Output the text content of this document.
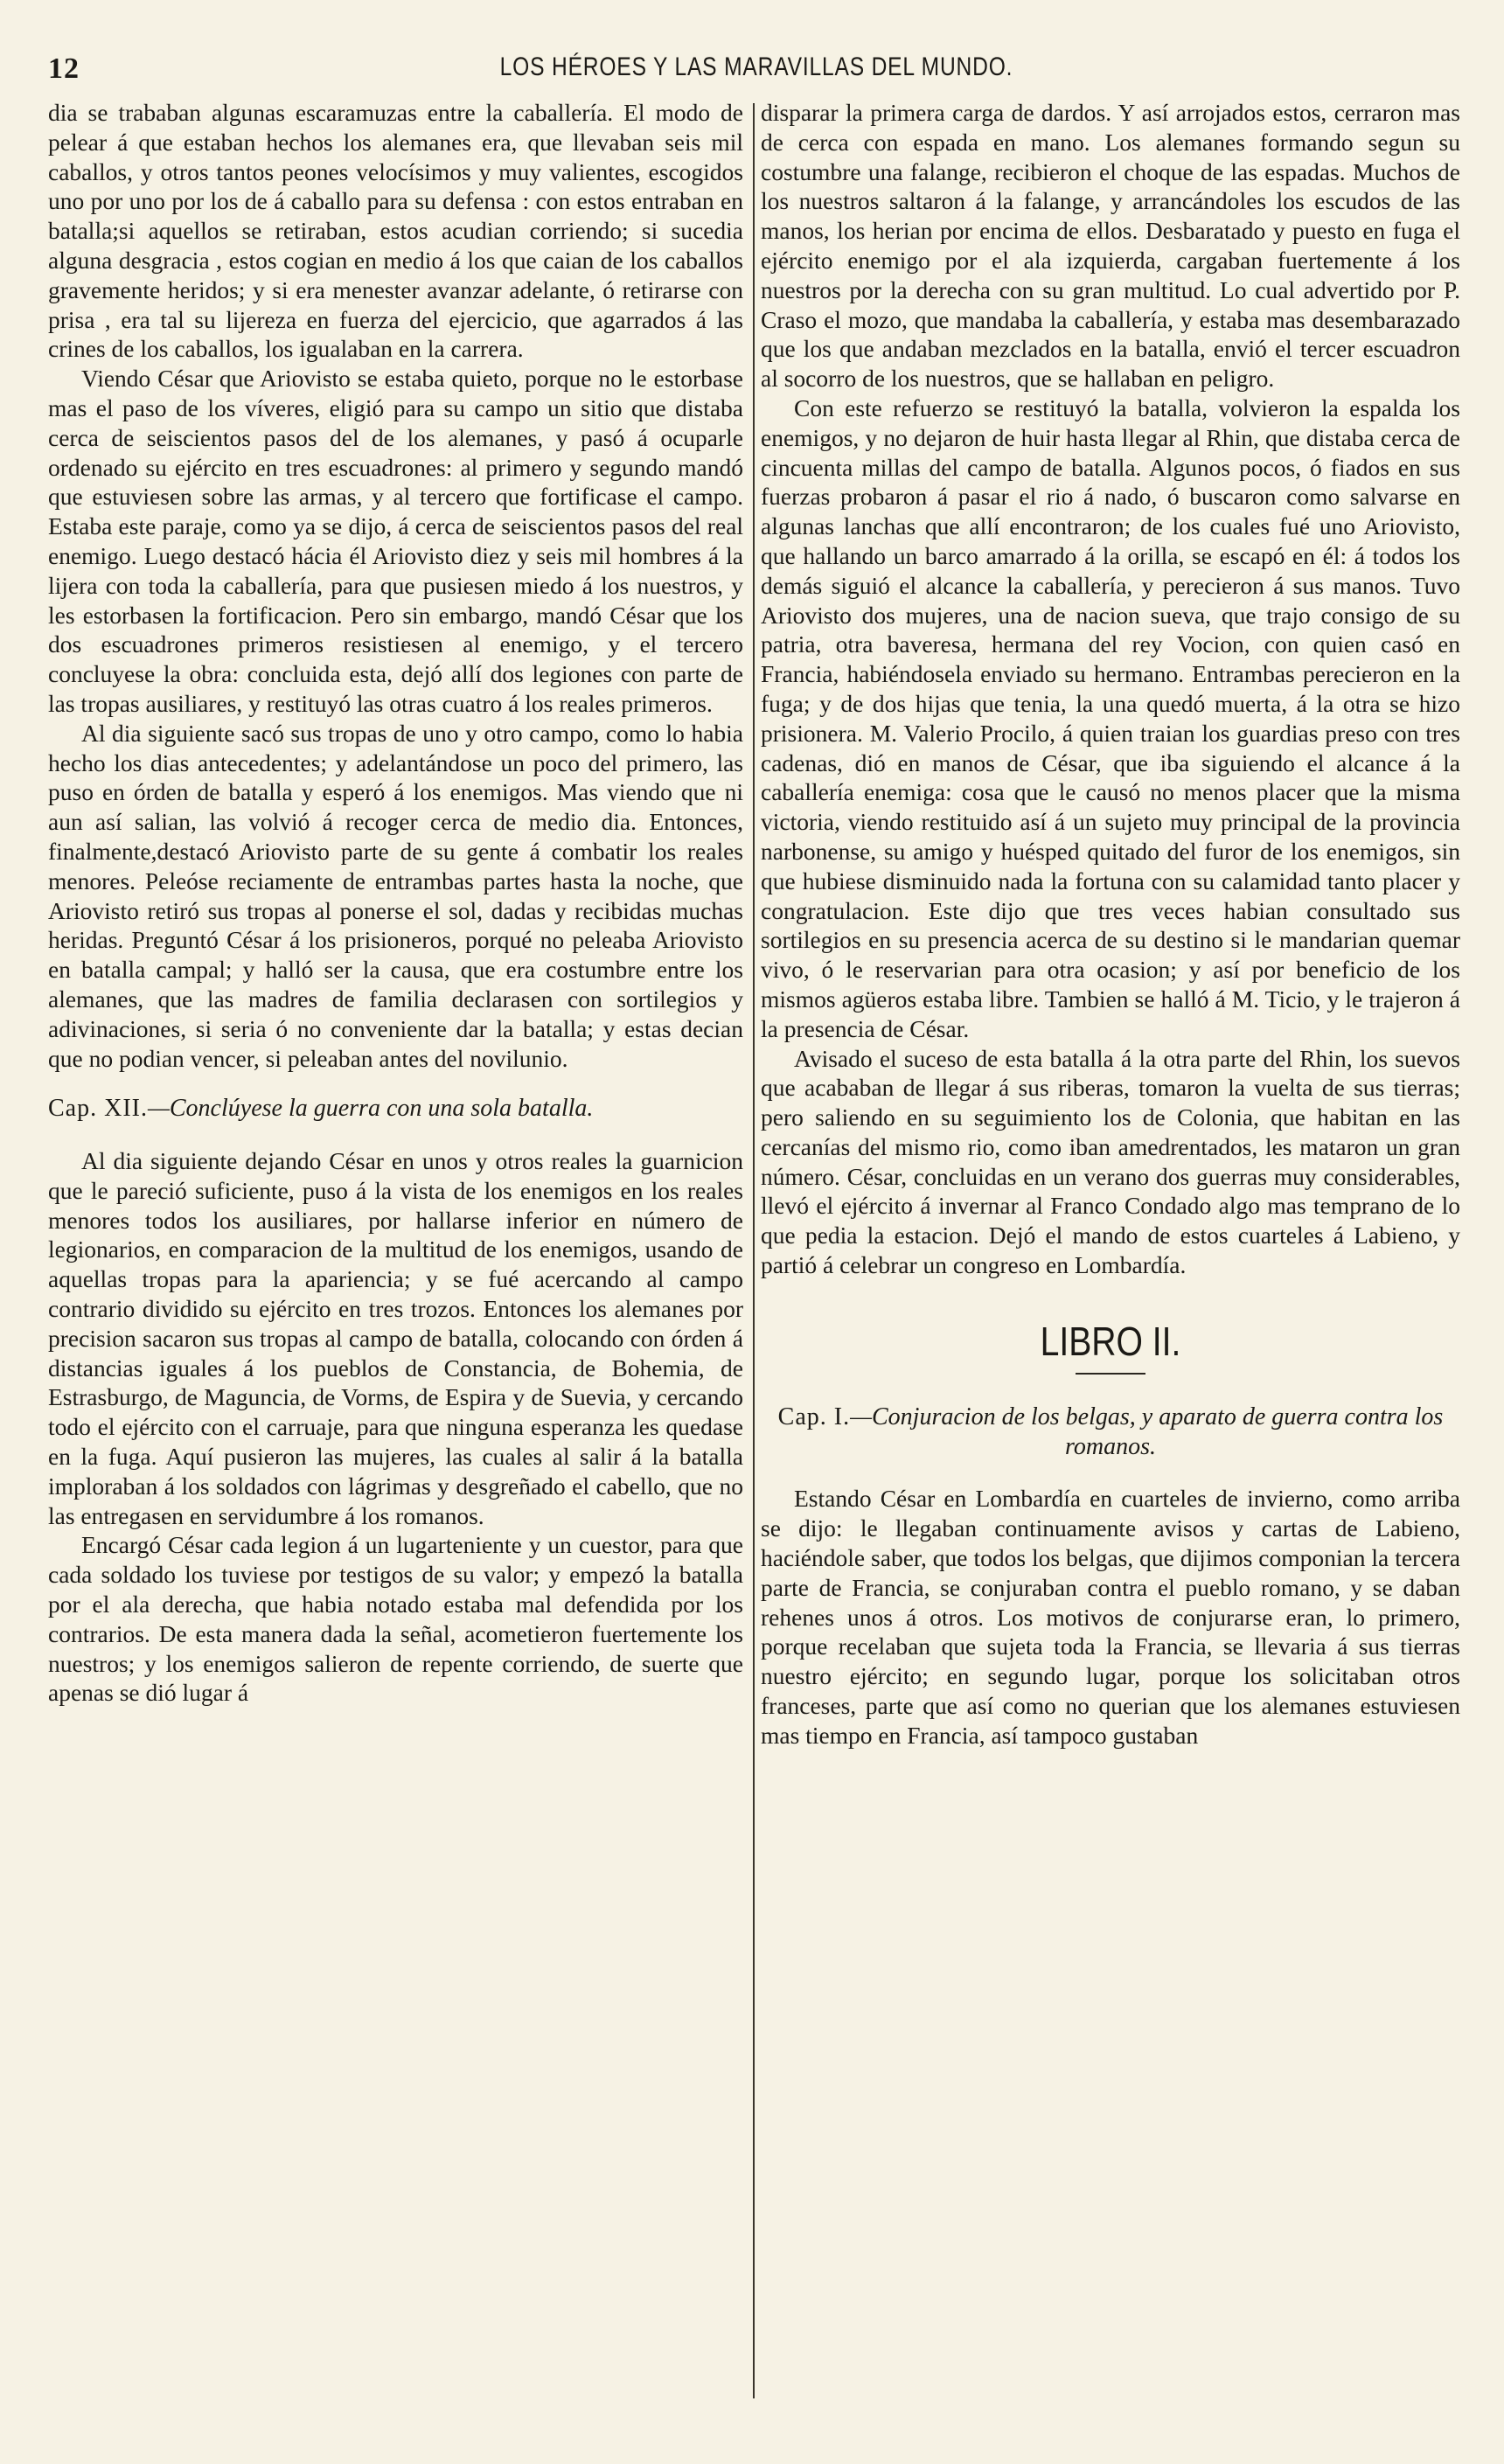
12	LOS HÉROES Y LAS MARAVILLAS DEL MUNDO.

dia se trababan algunas escaramuzas entre la caballería. El modo de pelear á que estaban hechos los alemanes era, que llevaban seis mil caballos, y otros tantos peones velocísimos y muy valientes, escogidos uno por uno por los de á caballo para su defensa : con estos entraban en batalla;si aquellos se retiraban, estos acudian corriendo; si sucedia alguna desgracia , estos cogian en medio á los que caian de los caballos gravemente heridos; y si era menester avanzar adelante, ó retirarse con prisa , era tal su lijereza en fuerza del ejercicio, que agarrados á las crines de los caballos, los igualaban en la carrera.

Viendo César que Ariovisto se estaba quieto, porque no le estorbase mas el paso de los víveres, eligió para su campo un sitio que distaba cerca de seiscientos pasos del de los alemanes, y pasó á ocuparle ordenado su ejército en tres escuadrones: al primero y segundo mandó que estuviesen sobre las armas, y al tercero que fortificase el campo. Estaba este paraje, como ya se dijo, á cerca de seiscientos pasos del real enemigo. Luego destacó hácia él Ariovisto diez y seis mil hombres á la lijera con toda la caballería, para que pusiesen miedo á los nuestros, y les estorbasen la fortificacion. Pero sin embargo, mandó César que los dos escuadrones primeros resistiesen al enemigo, y el tercero concluyese la obra: concluida esta, dejó allí dos legiones con parte de las tropas ausiliares, y restituyó las otras cuatro á los reales primeros.

Al dia siguiente sacó sus tropas de uno y otro campo, como lo habia hecho los dias antecedentes; y adelantándose un poco del primero, las puso en órden de batalla y esperó á los enemigos. Mas viendo que ni aun así salian, las volvió á recoger cerca de medio dia. Entonces, finalmente,destacó Ariovisto parte de su gente á combatir los reales menores. Peleóse reciamente de entrambas partes hasta la noche, que Ariovisto retiró sus tropas al ponerse el sol, dadas y recibidas muchas heridas. Preguntó César á los prisioneros, porqué no peleaba Ariovisto en batalla campal; y halló ser la causa, que era costumbre entre los alemanes, que las madres de familia declarasen con sortilegios y adivinaciones, si seria ó no conveniente dar la batalla; y estas decian que no podian vencer, si peleaban antes del novilunio.

Cap. XII.—Conclúyese la guerra con una sola batalla.

Al dia siguiente dejando César en unos y otros reales la guarnicion que le pareció suficiente, puso á la vista de los enemigos en los reales menores todos los ausiliares, por hallarse inferior en número de legionarios, en comparacion de la multitud de los enemigos, usando de aquellas tropas para la apariencia; y se fué acercando al campo contrario dividido su ejército en tres trozos. Entonces los alemanes por precision sacaron sus tropas al campo de batalla, colocando con órden á distancias iguales á los pueblos de Constancia, de Bohemia, de Estrasburgo, de Maguncia, de Vorms, de Espira y de Suevia, y cercando todo el ejército con el carruaje, para que ninguna esperanza les quedase en la fuga. Aquí pusieron las mujeres, las cuales al salir á la batalla imploraban á los soldados con lágrimas y desgreñado el cabello, que no las entregasen en servidumbre á los romanos.

Encargó César cada legion á un lugarteniente y un cuestor, para que cada soldado los tuviese por testigos de su valor; y empezó la batalla por el ala derecha, que habia notado estaba mal defendida por los contrarios. De esta manera dada la señal, acometieron fuertemente los nuestros; y los enemigos salieron de repente corriendo, de suerte que apenas se dió lugar á

disparar la primera carga de dardos. Y así arrojados estos, cerraron mas de cerca con espada en mano. Los alemanes formando segun su costumbre una falange, recibieron el choque de las espadas. Muchos de los nuestros saltaron á la falange, y arrancándoles los escudos de las manos, los herian por encima de ellos. Desbaratado y puesto en fuga el ejército enemigo por el ala izquierda, cargaban fuertemente á los nuestros por la derecha con su gran multitud. Lo cual advertido por P. Craso el mozo, que mandaba la caballería, y estaba mas desembarazado que los que andaban mezclados en la batalla, envió el tercer escuadron al socorro de los nuestros, que se hallaban en peligro.

Con este refuerzo se restituyó la batalla, volvieron la espalda los enemigos, y no dejaron de huir hasta llegar al Rhin, que distaba cerca de cincuenta millas del campo de batalla. Algunos pocos, ó fiados en sus fuerzas probaron á pasar el rio á nado, ó buscaron como salvarse en algunas lanchas que allí encontraron; de los cuales fué uno Ariovisto, que hallando un barco amarrado á la orilla, se escapó en él: á todos los demás siguió el alcance la caballería, y perecieron á sus manos. Tuvo Ariovisto dos mujeres, una de nacion sueva, que trajo consigo de su patria, otra baveresa, hermana del rey Vocion, con quien casó en Francia, habiéndosela enviado su hermano. Entrambas perecieron en la fuga; y de dos hijas que tenia, la una quedó muerta, á la otra se hizo prisionera. M. Valerio Procilo, á quien traian los guardias preso con tres cadenas, dió en manos de César, que iba siguiendo el alcance á la caballería enemiga: cosa que le causó no menos placer que la misma victoria, viendo restituido así á un sujeto muy principal de la provincia narbonense, su amigo y huésped quitado del furor de los enemigos, sin que hubiese disminuido nada la fortuna con su calamidad tanto placer y congratulacion. Este dijo que tres veces habian consultado sus sortilegios en su presencia acerca de su destino si le mandarian quemar vivo, ó le reservarian para otra ocasion; y así por beneficio de los mismos agüeros estaba libre. Tambien se halló á M. Ticio, y le trajeron á la presencia de César.

Avisado el suceso de esta batalla á la otra parte del Rhin, los suevos que acababan de llegar á sus riberas, tomaron la vuelta de sus tierras; pero saliendo en su seguimiento los de Colonia, que habitan en las cercanías del mismo rio, como iban amedrentados, les mataron un gran número. César, concluidas en un verano dos guerras muy considerables, llevó el ejército á invernar al Franco Condado algo mas temprano de lo que pedia la estacion. Dejó el mando de estos cuarteles á Labieno, y partió á celebrar un congreso en Lombardía.

LIBRO II.

Cap. I.—Conjuracion de los belgas, y aparato de guerra contra los romanos.

Estando César en Lombardía en cuarteles de invierno, como arriba se dijo: le llegaban continuamente avisos y cartas de Labieno, haciéndole saber, que todos los belgas, que dijimos componian la tercera parte de Francia, se conjuraban contra el pueblo romano, y se daban rehenes unos á otros. Los motivos de conjurarse eran, lo primero, porque recelaban que sujeta toda la Francia, se llevaria á sus tierras nuestro ejército; en segundo lugar, porque los solicitaban otros franceses, parte que así como no querian que los alemanes estuviesen mas tiempo en Francia, así tampoco gustaban
